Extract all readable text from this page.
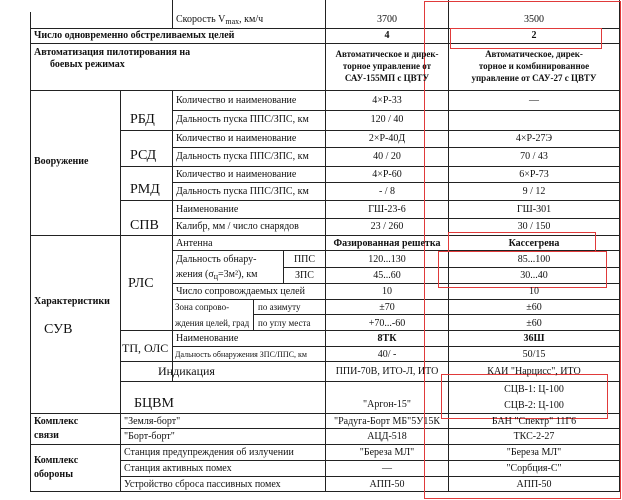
Скорость $V_{max}$, км/ч	3700	3500
Число одновременно обстреливаемых целей	4	2
Автоматизация пилотирования на
боевых режимах
Автоматическое и дирек-
торное управление от
САУ-155МП с ЦВТУ
Автоматическое, дирек-
торное и комбинированное
управление от САУ-27 с ЦВТУ
Вооружение
РБД
Количество и наименование	4×Р-33	—
Дальность пуска ППС/ЗПС, км	120 / 40
РСД
Количество и наименование	2×Р-40Д	4×Р-27Э
Дальность пуска ППС/ЗПС, км	40 / 20	70 / 43
РМД
Количество и наименование	4×Р-60	6×Р-73
Дальность пуска ППС/ЗПС, км	- / 8	9 / 12
СПВ
Наименование	ГШ-23-6	ГШ-301
Калибр, мм / число снарядов	23 / 260	30 / 150
Характеристики
СУВ
РЛС
Антенна	Фазированная решетка	Кассегрена
Дальность обнару-
жения $(\sigma_ц=3м^2)$, км
ППС
ЗПС
120...130	85...100
45...60	30...40
Число сопровождаемых целей	10	10
Зона сопрово-
ждения целей, град
по азимуту
по углу места
±70	±60
+70...-60	±60
ТП, ОЛС
Наименование	8ТК	36Ш
Дальность обнаружения ЗПС/ППС, км	40/ -	50/15
Индикация	ППИ-70В, ИТО-Л, ИТО	КАИ "Нарцисс", ИТО
БЦВМ	"Аргон-15"
СЦВ-1: Ц-100
СЦВ-2: Ц-100
Комплекс
связи
"Земля-борт"	"Радуга-Борт МБ"5У15К	БАН "Спектр" 11Г6
"Борт-борт"	АЦД-518	ТКС-2-27
Комплекс
обороны
Станция предупреждения об излучении	"Береза МЛ"	"Береза МЛ"
Станция активных помех	—	"Сорбция-С"
Устройство сброса пассивных помех	АПП-50	АПП-50
